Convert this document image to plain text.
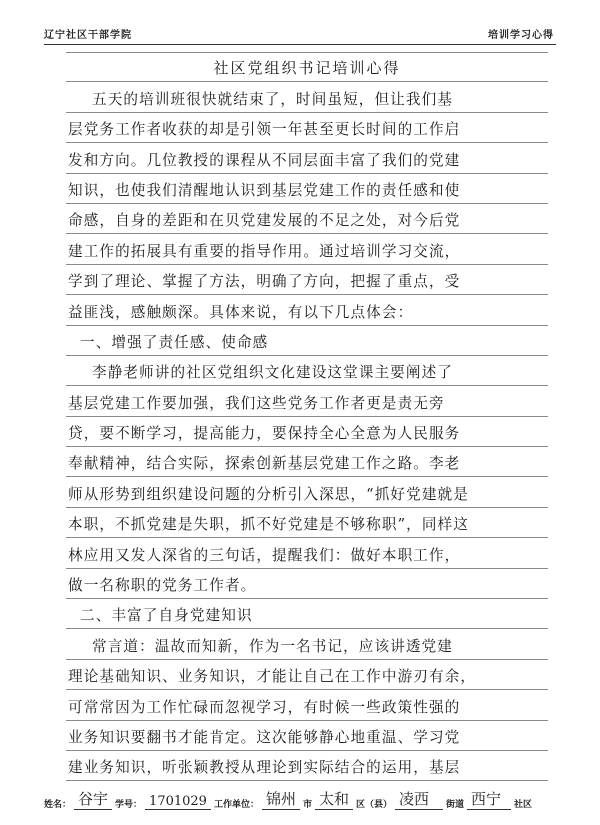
辽宁社区干部学院	培训学习心得
社区党组织书记培训心得
五天的培训班很快就结束了，时间虽短，但让我们基
层党务工作者收获的却是引领一年甚至更长时间的工作启
发和方向。几位教授的课程从不同层面丰富了我们的党建
知识，也使我们清醒地认识到基层党建工作的责任感和使
命感，自身的差距和在贝党建发展的不足之处，对今后党
建工作的拓展具有重要的指导作用。通过培训学习交流，
学到了理论、掌握了方法，明确了方向，把握了重点，受
益匪浅，感触颇深。具体来说，有以下几点体会：
一、增强了责任感、使命感
李静老师讲的社区党组织文化建设这堂课主要阐述了
基层党建工作要加强，我们这些党务工作者更是责无旁
贷，要不断学习，提高能力，要保持全心全意为人民服务
奉献精神，结合实际，探索创新基层党建工作之路。李老
师从形势到组织建设问题的分析引入深思，“抓好党建就是
本职，不抓党建是失职，抓不好党建是不够称职”，同样这
林应用又发人深省的三句话，提醒我们：做好本职工作，
做一名称职的党务工作者。
二、丰富了自身党建知识
常言道：温故而知新，作为一名书记，应该讲透党建
理论基础知识、业务知识，才能让自己在工作中游刃有余，
可常常因为工作忙碌而忽视学习，有时候一些政策性强的
业务知识要翻书才能肯定。这次能够静心地重温、学习党
建业务知识，听张颖教授从理论到实际结合的运用，基层
姓名： 谷宇 学号： 1701029 工作单位： 锦州 市 太和 区（县） 凌西	街道 西宁	社区
